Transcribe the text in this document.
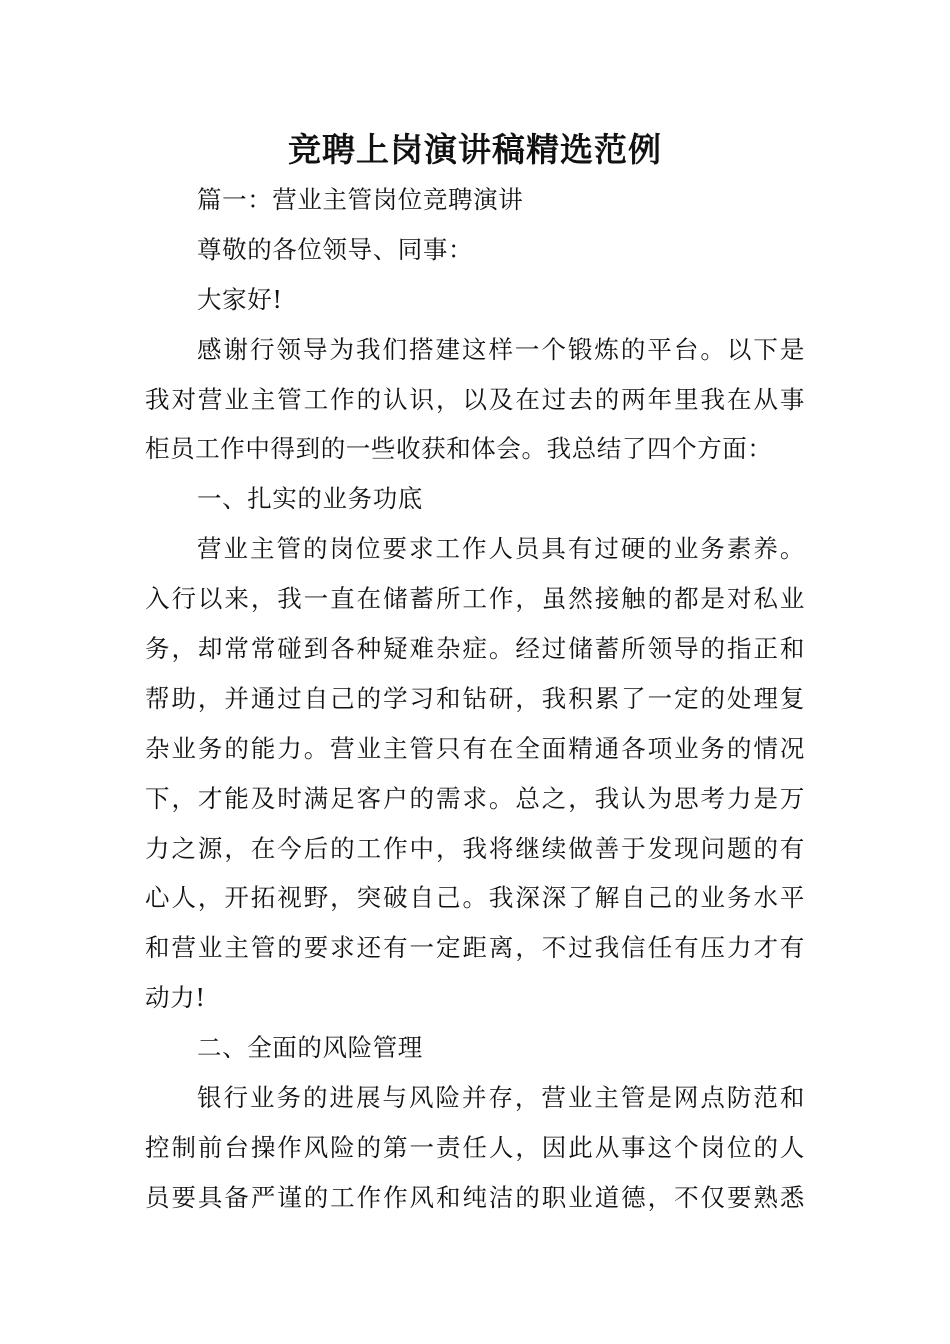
竞聘上岗演讲稿精选范例
篇一：营业主管岗位竞聘演讲
尊敬的各位领导、同事：
大家好!
感谢行领导为我们搭建这样一个锻炼的平台。以下是
我对营业主管工作的认识，以及在过去的两年里我在从事
柜员工作中得到的一些收获和体会。我总结了四个方面：
一、扎实的业务功底
营业主管的岗位要求工作人员具有过硬的业务素养。
入行以来，我一直在储蓄所工作，虽然接触的都是对私业
务，却常常碰到各种疑难杂症。经过储蓄所领导的指正和
帮助，并通过自己的学习和钻研，我积累了一定的处理复
杂业务的能力。营业主管只有在全面精通各项业务的情况
下，才能及时满足客户的需求。总之，我认为思考力是万
力之源，在今后的工作中，我将继续做善于发现问题的有
心人，开拓视野，突破自己。我深深了解自己的业务水平
和营业主管的要求还有一定距离，不过我信任有压力才有
动力!
二、全面的风险管理
银行业务的进展与风险并存，营业主管是网点防范和
控制前台操作风险的第一责任人，因此从事这个岗位的人
员要具备严谨的工作作风和纯洁的职业道德，不仅要熟悉
